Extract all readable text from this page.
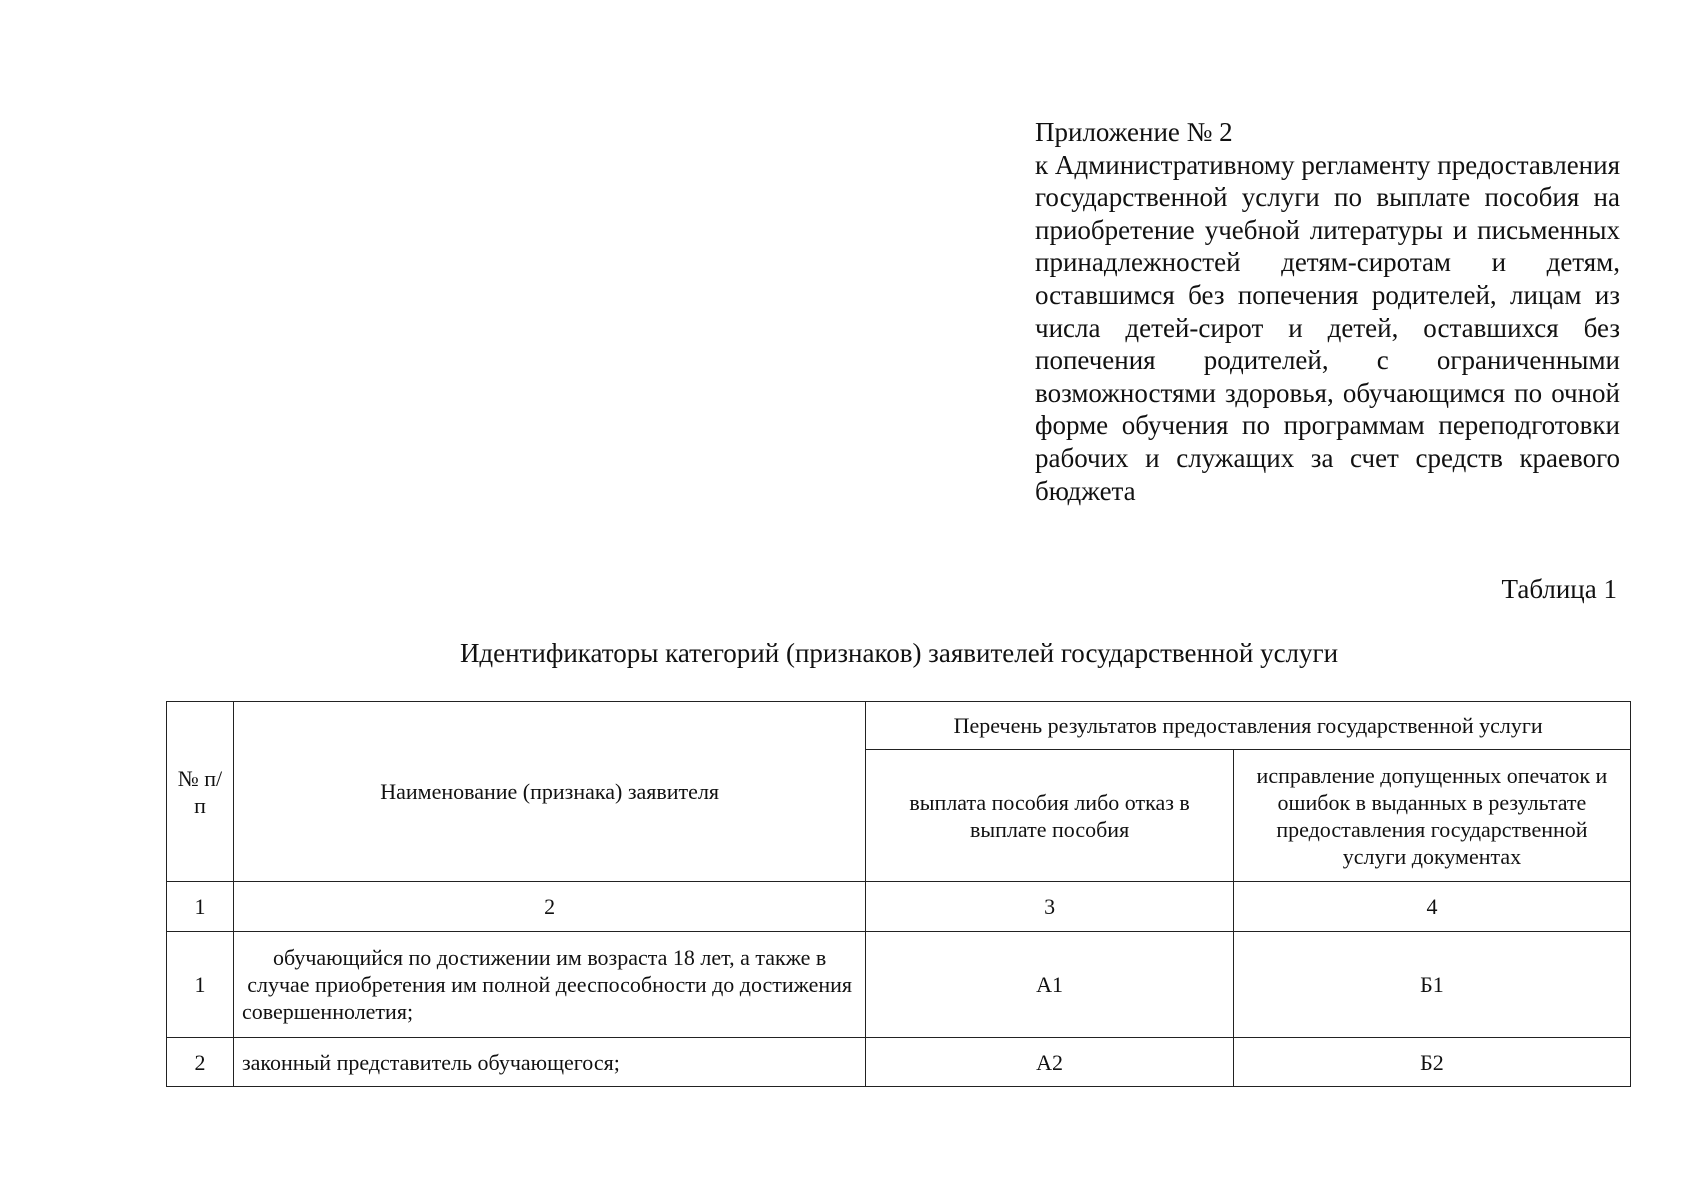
Приложение № 2
к Административному регламенту предоставления государственной услуги по выплате пособия на приобретение учебной литературы и письменных принадлежностей детям-сиротам и детям, оставшимся без попечения родителей, лицам из числа детей-сирот и детей, оставшихся без попечения родителей, с ограниченными возможностями здоровья, обучающимся по очной форме обучения по программам переподготовки рабочих и служащих за счет средств краевого бюджета
Таблица 1
Идентификаторы категорий (признаков) заявителей государственной услуги
№ п/п	Наименование (признака) заявителя	Перечень результатов предоставления государственной услуги	
		выплата пособия либо отказ в выплате пособия	исправление допущенных опечаток и ошибок в выданных в результате предоставления государственной услуги документах
1	2	3	4
1	обучающийся по достижении им возраста 18 лет, а также в случае приобретения им полной дееспособности до достижения совершеннолетия;	А1	Б1
2	законный представитель обучающегося;	А2	Б2
